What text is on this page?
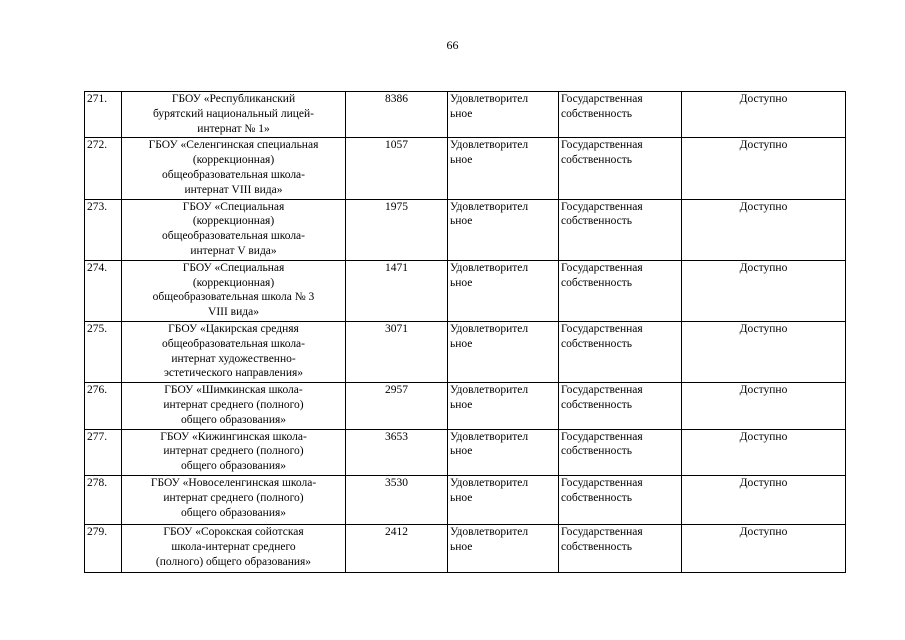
66
271.	ГБОУ «Республиканский
бурятский национальный лицей-
интернат № 1»	8386	Удовлетворител
ьное	Государственная
собственность	Доступно
272.	ГБОУ «Селенгинская специальная
(коррекционная)
общеобразовательная школа-
интернат VIII вида»	1057	Удовлетворител
ьное	Государственная
собственность	Доступно
273.	ГБОУ «Специальная
(коррекционная)
общеобразовательная школа-
интернат V вида»	1975	Удовлетворител
ьное	Государственная
собственность	Доступно
274.	ГБОУ «Специальная
(коррекционная)
общеобразовательная школа № 3
VIII вида»	1471	Удовлетворител
ьное	Государственная
собственность	Доступно
275.	ГБОУ «Цакирская средняя
общеобразовательная школа-
интернат художественно-
эстетического направления»	3071	Удовлетворител
ьное	Государственная
собственность	Доступно
276.	ГБОУ «Шимкинская школа-
интернат среднего (полного)
общего образования»	2957	Удовлетворител
ьное	Государственная
собственность	Доступно
277.	ГБОУ «Кижингинская школа-
интернат среднего (полного)
общего образования»	3653	Удовлетворител
ьное	Государственная
собственность	Доступно
278.	ГБОУ «Новоселенгинская школа-
интернат среднего (полного)
общего образования»	3530	Удовлетворител
ьное	Государственная
собственность	Доступно
279.	ГБОУ «Сорокская сойотская
школа-интернат среднего
(полного) общего образования»	2412	Удовлетворител
ьное	Государственная
собственность	Доступно
